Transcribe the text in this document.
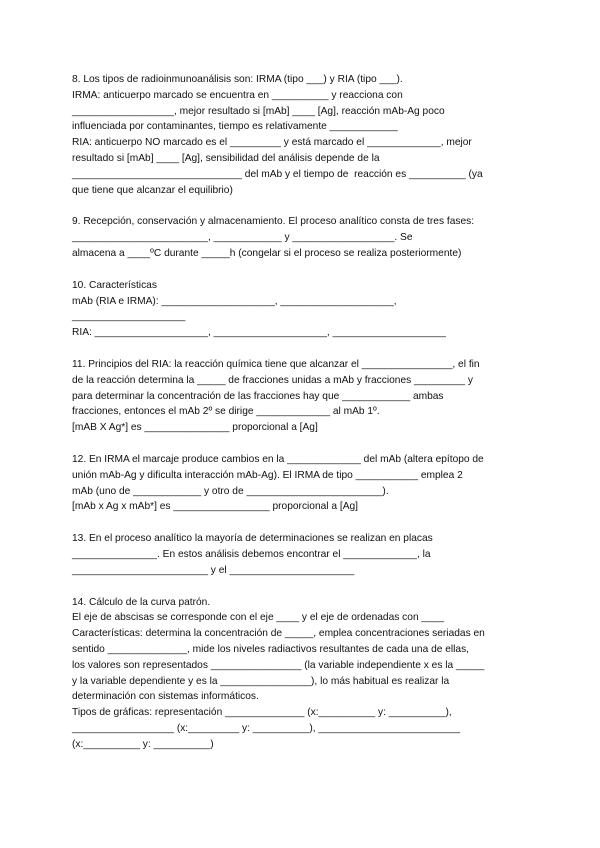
8. Los tipos de radioinmunoanálisis son: IRMA (tipo ___) y RIA (tipo ___).
IRMA: anticuerpo marcado se encuentra en __________ y reacciona con
__________________, mejor resultado si [mAb] ____ [Ag], reacción mAb-Ag poco
influenciada por contaminantes, tiempo es relativamente ____________
RIA: anticuerpo NO marcado es el _________ y está marcado el _____________, mejor
resultado si [mAb] ____ [Ag], sensibilidad del análisis depende de la
______________________________ del mAb y el tiempo de  reacción es __________ (ya
que tiene que alcanzar el equilibrio)
9. Recepción, conservación y almacenamiento. El proceso analítico consta de tres fases:
________________________, ____________ y __________________. Se
almacena a ____ºC durante _____h (congelar si el proceso se realiza posteriormente)
10. Características
mAb (RIA e IRMA): ____________________, ____________________,
____________________
RIA: ____________________, ____________________, ____________________
11. Principios del RIA: la reacción química tiene que alcanzar el ________________, el fin
de la reacción determina la _____ de fracciones unidas a mAb y fracciones _________ y
para determinar la concentración de las fracciones hay que ____________ ambas
fracciones, entonces el mAb 2º se dirige _____________ al mAb 1º.
[mAB X Ag*] es _______________ proporcional a [Ag]
12. En IRMA el marcaje produce cambios en la _____________ del mAb (altera epítopo de
unión mAb-Ag y dificulta interacción mAb-Ag). El IRMA de tipo ___________ emplea 2
mAb (uno de ____________ y otro de ________________________).
[mAb x Ag x mAb*] es _________________ proporcional a [Ag]
13. En el proceso analítico la mayoría de determinaciones se realizan en placas
_______________. En estos análisis debemos encontrar el _____________, la
________________________ y el ______________________
14. Cálculo de la curva patrón.
El eje de abscisas se corresponde con el eje ____ y el eje de ordenadas con ____
Características: determina la concentración de _____, emplea concentraciones seriadas en
sentido ______________, mide los niveles radiactivos resultantes de cada una de ellas,
los valores son representados ________________ (la variable independiente x es la _____
y la variable dependiente y es la ________________), lo más habitual es realizar la
determinación con sistemas informáticos.
Tipos de gráficas: representación ______________ (x:__________ y: __________),
__________________ (x:_________ y: __________), _________________________
(x:__________ y: __________)
